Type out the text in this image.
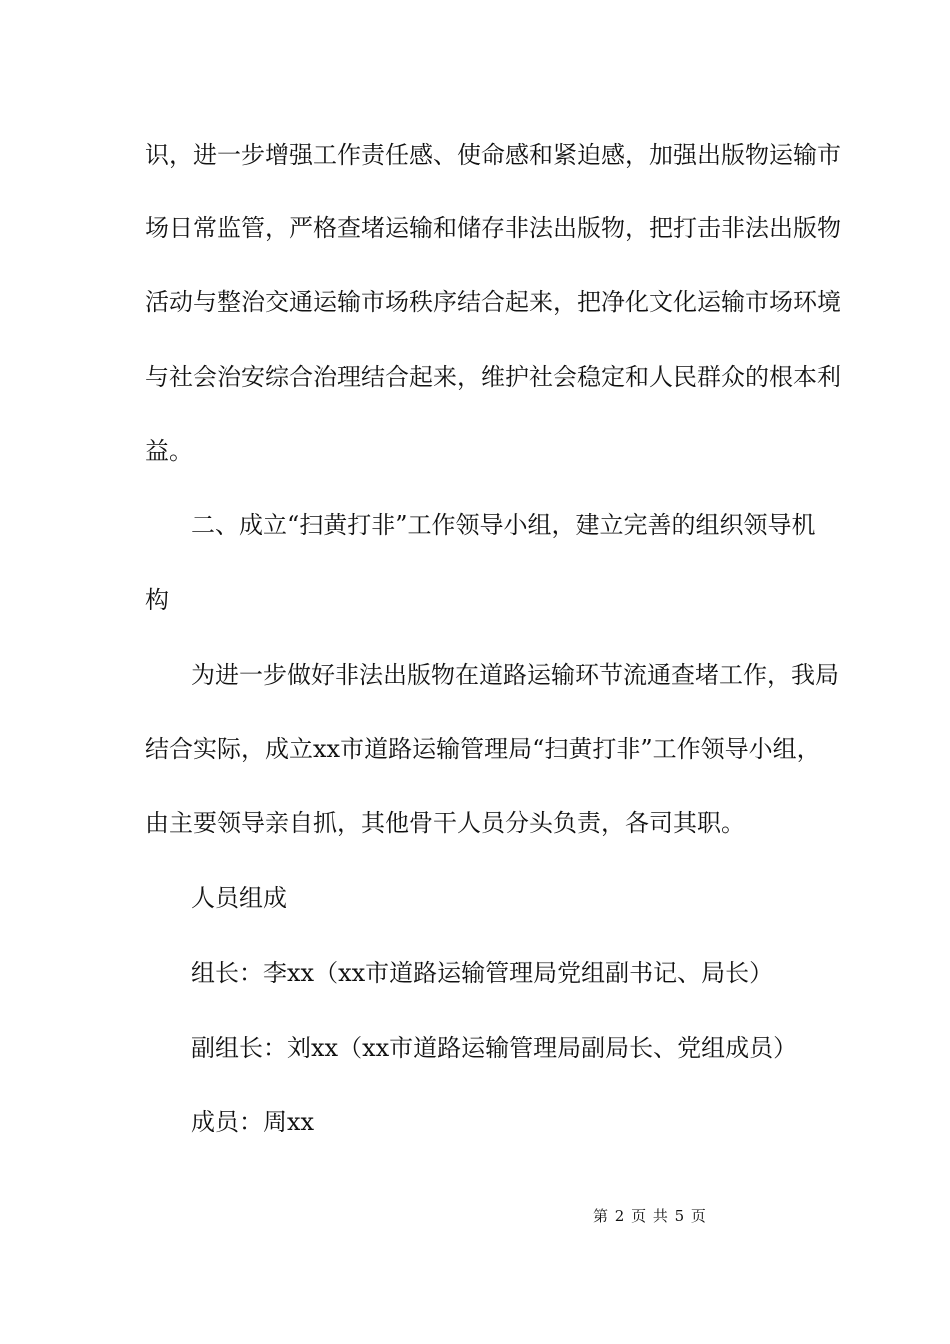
识，进一步增强工作责任感、使命感和紧迫感，加强出版物运输市
场日常监管，严格查堵运输和储存非法出版物，把打击非法出版物
活动与整治交通运输市场秩序结合起来，把净化文化运输市场环境
与社会治安综合治理结合起来，维护社会稳定和人民群众的根本利
益。
二、成立“扫黄打非”工作领导小组，建立完善的组织领导机
构
为进一步做好非法出版物在道路运输环节流通查堵工作，我局
结合实际，成立xx市道路运输管理局“扫黄打非”工作领导小组，
由主要领导亲自抓，其他骨干人员分头负责，各司其职。
人员组成
组长：李xx（xx市道路运输管理局党组副书记、局长）
副组长：刘xx（xx市道路运输管理局副局长、党组成员）
成员：周xx
第 2 页 共 5 页
